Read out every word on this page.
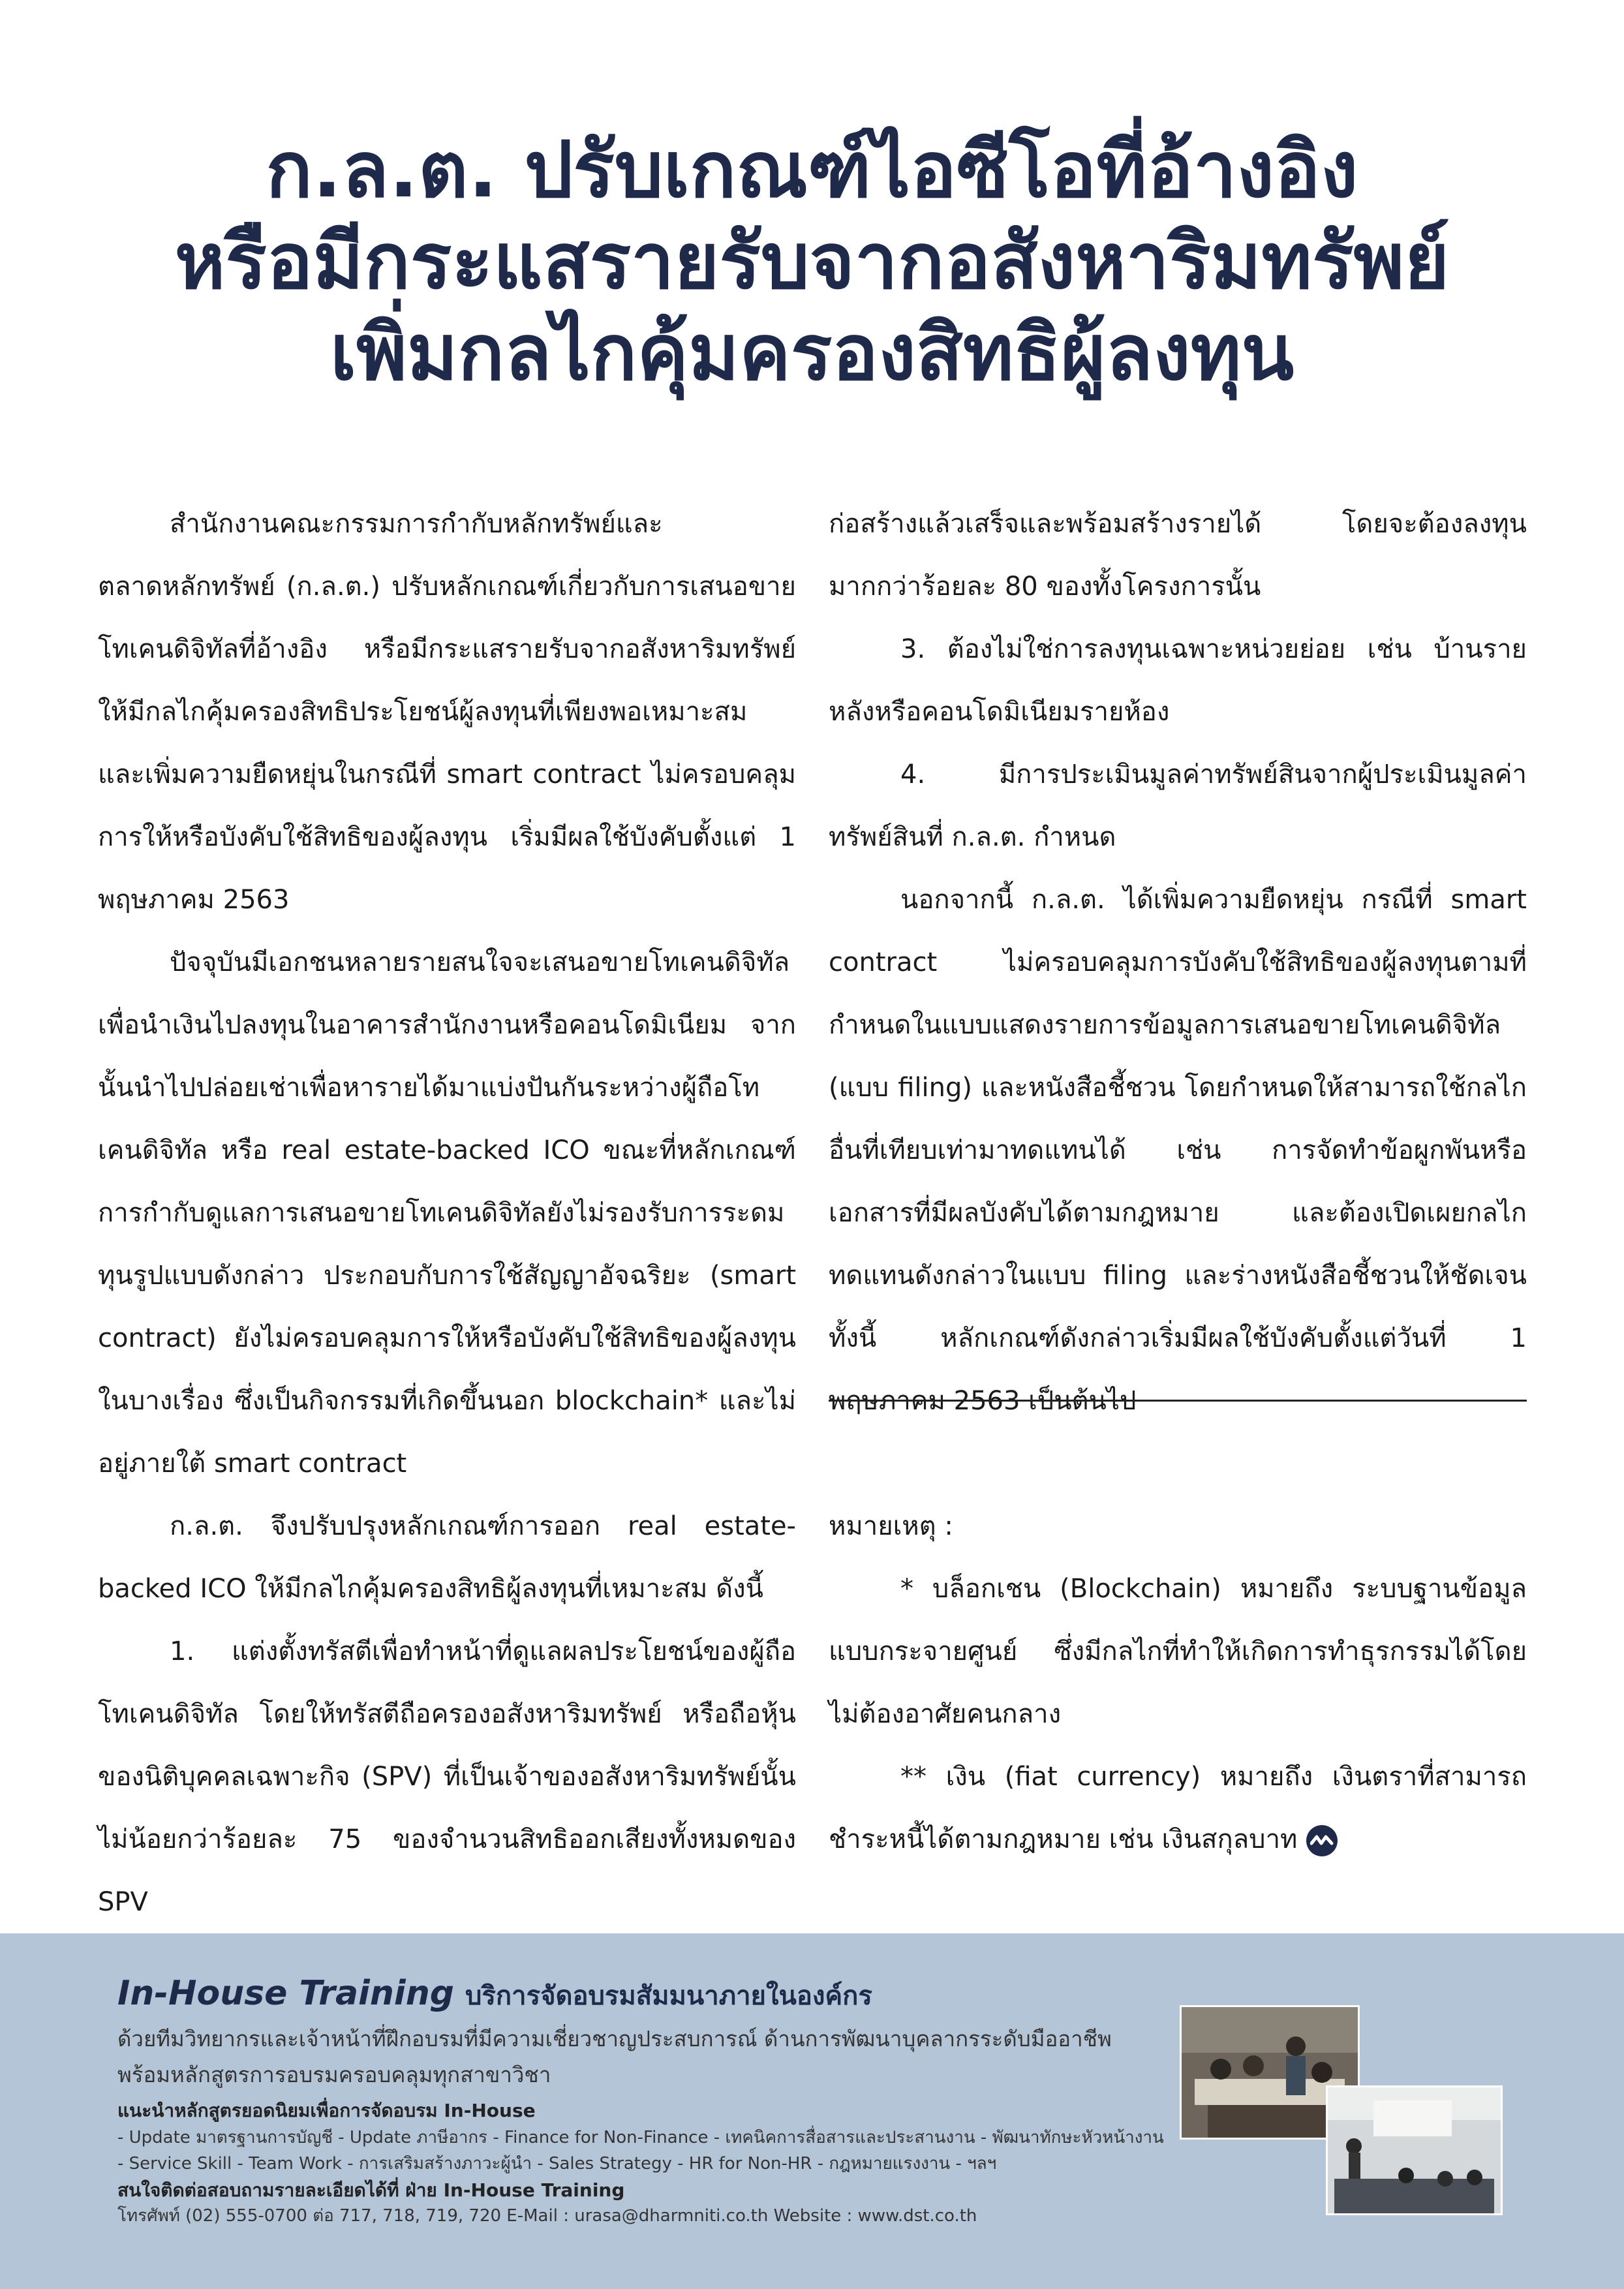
ก.ล.ต. ปรับเกณฑ์ไอซีโอที่อ้างอิง
หรือมีกระแสรายรับจากอสังหาริมทรัพย์
เพิ่มกลไกคุ้มครองสิทธิผู้ลงทุน

สำนักงานคณะกรรมการกำกับหลักทรัพย์และตลาดหลักทรัพย์ (ก.ล.ต.) ปรับหลักเกณฑ์เกี่ยวกับการเสนอขายโทเคนดิจิทัลที่อ้างอิง หรือมีกระแสรายรับจากอสังหาริมทรัพย์ ให้มีกลไกคุ้มครองสิทธิประโยชน์ผู้ลงทุนที่เพียงพอเหมาะสม และเพิ่มความยืดหยุ่นในกรณีที่ smart contract ไม่ครอบคลุมการให้หรือบังคับใช้สิทธิของผู้ลงทุน เริ่มมีผลใช้บังคับตั้งแต่ 1 พฤษภาคม 2563

ปัจจุบันมีเอกชนหลายรายสนใจจะเสนอขายโทเคนดิจิทัลเพื่อนำเงินไปลงทุนในอาคารสำนักงานหรือคอนโดมิเนียม จากนั้นนำไปปล่อยเช่าเพื่อหารายได้มาแบ่งปันกันระหว่างผู้ถือโทเคนดิจิทัล หรือ real estate-backed ICO ขณะที่หลักเกณฑ์การกำกับดูแลการเสนอขายโทเคนดิจิทัลยังไม่รองรับการระดมทุนรูปแบบดังกล่าว ประกอบกับการใช้สัญญาอัจฉริยะ (smart contract) ยังไม่ครอบคลุมการให้หรือบังคับใช้สิทธิของผู้ลงทุนในบางเรื่อง ซึ่งเป็นกิจกรรมที่เกิดขึ้นนอก blockchain* และไม่อยู่ภายใต้ smart contract

ก.ล.ต. จึงปรับปรุงหลักเกณฑ์การออก real estate-backed ICO ให้มีกลไกคุ้มครองสิทธิผู้ลงทุนที่เหมาะสม ดังนี้

1. แต่งตั้งทรัสตีเพื่อทำหน้าที่ดูแลผลประโยชน์ของผู้ถือโทเคนดิจิทัล โดยให้ทรัสตีถือครองอสังหาริมทรัพย์ หรือถือหุ้นของนิติบุคคลเฉพาะกิจ (SPV) ที่เป็นเจ้าของอสังหาริมทรัพย์นั้นไม่น้อยกว่าร้อยละ 75 ของจำนวนสิทธิออกเสียงทั้งหมดของ SPV

ก่อสร้างแล้วเสร็จและพร้อมสร้างรายได้ โดยจะต้องลงทุนมากกว่าร้อยละ 80 ของทั้งโครงการนั้น

3. ต้องไม่ใช่การลงทุนเฉพาะหน่วยย่อย เช่น บ้านรายหลังหรือคอนโดมิเนียมรายห้อง

4. มีการประเมินมูลค่าทรัพย์สินจากผู้ประเมินมูลค่าทรัพย์สินที่ ก.ล.ต. กำหนด

นอกจากนี้ ก.ล.ต. ได้เพิ่มความยืดหยุ่น กรณีที่ smart contract ไม่ครอบคลุมการบังคับใช้สิทธิของผู้ลงทุนตามที่กำหนดในแบบแสดงรายการข้อมูลการเสนอขายโทเคนดิจิทัล (แบบ filing) และหนังสือชี้ชวน โดยกำหนดให้สามารถใช้กลไกอื่นที่เทียบเท่ามาทดแทนได้ เช่น การจัดทำข้อผูกพันหรือเอกสารที่มีผลบังคับได้ตามกฎหมาย และต้องเปิดเผยกลไกทดแทนดังกล่าวในแบบ filing และร่างหนังสือชี้ชวนให้ชัดเจน ทั้งนี้ หลักเกณฑ์ดังกล่าวเริ่มมีผลใช้บังคับตั้งแต่วันที่ 1 พฤษภาคม 2563 เป็นต้นไป

หมายเหตุ :

* บล็อกเชน (Blockchain) หมายถึง ระบบฐานข้อมูลแบบกระจายศูนย์ ซึ่งมีกลไกที่ทำให้เกิดการทำธุรกรรมได้โดยไม่ต้องอาศัยคนกลาง

** เงิน (fiat currency) หมายถึง เงินตราที่สามารถชำระหนี้ได้ตามกฎหมาย เช่น เงินสกุลบาท

In-House Training บริการจัดอบรมสัมมนาภายในองค์กร
ด้วยทีมวิทยากรและเจ้าหน้าที่ฝึกอบรมที่มีความเชี่ยวชาญประสบการณ์ ด้านการพัฒนาบุคลากรระดับมืออาชีพ
พร้อมหลักสูตรการอบรมครอบคลุมทุกสาขาวิชา
แนะนำหลักสูตรยอดนิยมเพื่อการจัดอบรม In-House
- Update มาตรฐานการบัญชี - Update ภาษีอากร - Finance for Non-Finance - เทคนิคการสื่อสารและประสานงาน - พัฒนาทักษะหัวหน้างาน
- Service Skill - Team Work - การเสริมสร้างภาวะผู้นำ - Sales Strategy - HR for Non-HR - กฎหมายแรงงาน - ฯลฯ
สนใจติดต่อสอบถามรายละเอียดได้ที่ ฝ่าย In-House Training
โทรศัพท์ (02) 555-0700 ต่อ 717, 718, 719, 720 E-Mail : urasa@dharmniti.co.th Website : www.dst.co.th
